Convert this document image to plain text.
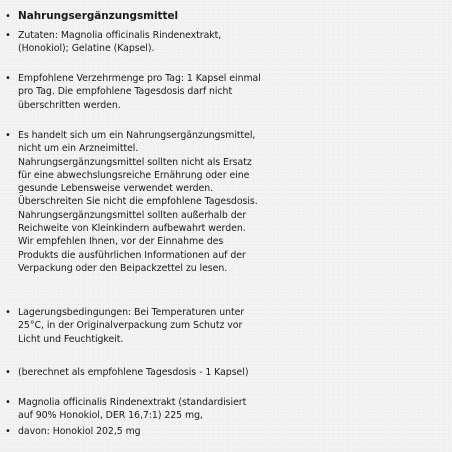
• Nahrungsergänzungsmittel
• Zutaten: Magnolia officinalis Rindenextrakt,
(Honokiol); Gelatine (Kapsel).
• Empfohlene Verzehrmenge pro Tag: 1 Kapsel einmal
pro Tag. Die empfohlene Tagesdosis darf nicht
überschritten werden.
• Es handelt sich um ein Nahrungsergänzungsmittel,
nicht um ein Arzneimittel.
Nahrungsergänzungsmittel sollten nicht als Ersatz
für eine abwechslungsreiche Ernährung oder eine
gesunde Lebensweise verwendet werden.
Überschreiten Sie nicht die empfohlene Tagesdosis.
Nahrungsergänzungsmittel sollten außerhalb der
Reichweite von Kleinkindern aufbewahrt werden.
Wir empfehlen Ihnen, vor der Einnahme des
Produkts die ausführlichen Informationen auf der
Verpackung oder den Beipackzettel zu lesen.
• Lagerungsbedingungen: Bei Temperaturen unter
25°C, in der Originalverpackung zum Schutz vor
Licht und Feuchtigkeit.
• (berechnet als empfohlene Tagesdosis - 1 Kapsel)
• Magnolia officinalis Rindenextrakt (standardisiert
auf 90% Honokiol, DER 16,7:1) 225 mg,
• davon: Honokiol 202,5 mg
